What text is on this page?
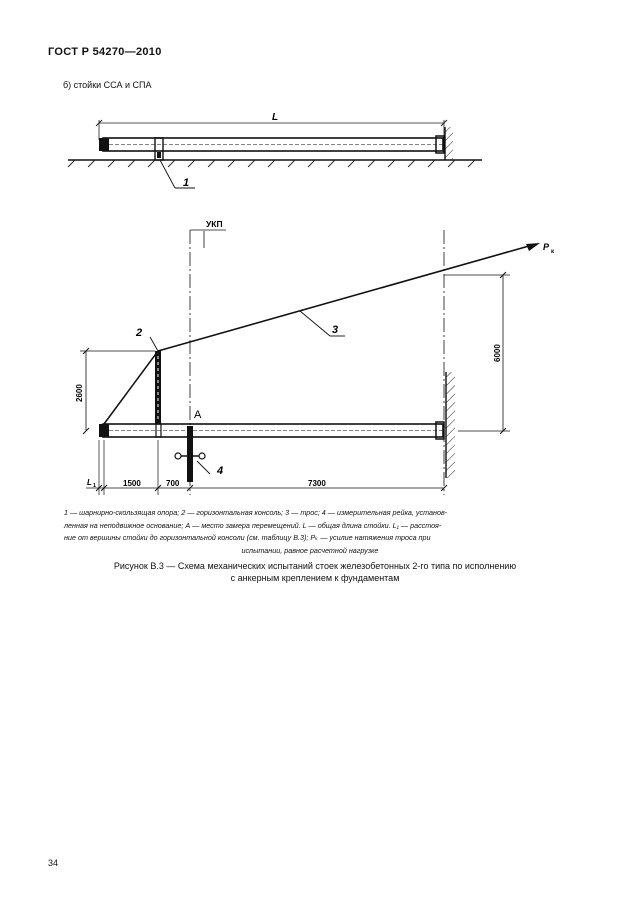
ГОСТ Р 54270—2010
б) стойки ССА и СПА
L
1
УКП
P к
3
2
2600
6000
A
4
L 1	1500	700	7300
1 — шарнирно-скользящая опора; 2 — горизонтальная консоль; 3 — трос; 4 — измерительная рейка, установ-
ленная на неподвижное основание; А — место замера перемещений. L — общая длина стойки. L₁ — расстоя-
ние от вершины стойки до горизонтальной консоли (см. таблицу В.3); Pₖ — усилие натяжения троса при
испытании, равное расчетной нагрузке
Рисунок В.3 — Схема механических испытаний стоек железобетонных 2-го типа по исполнению
с анкерным креплением к фундаментам
34
